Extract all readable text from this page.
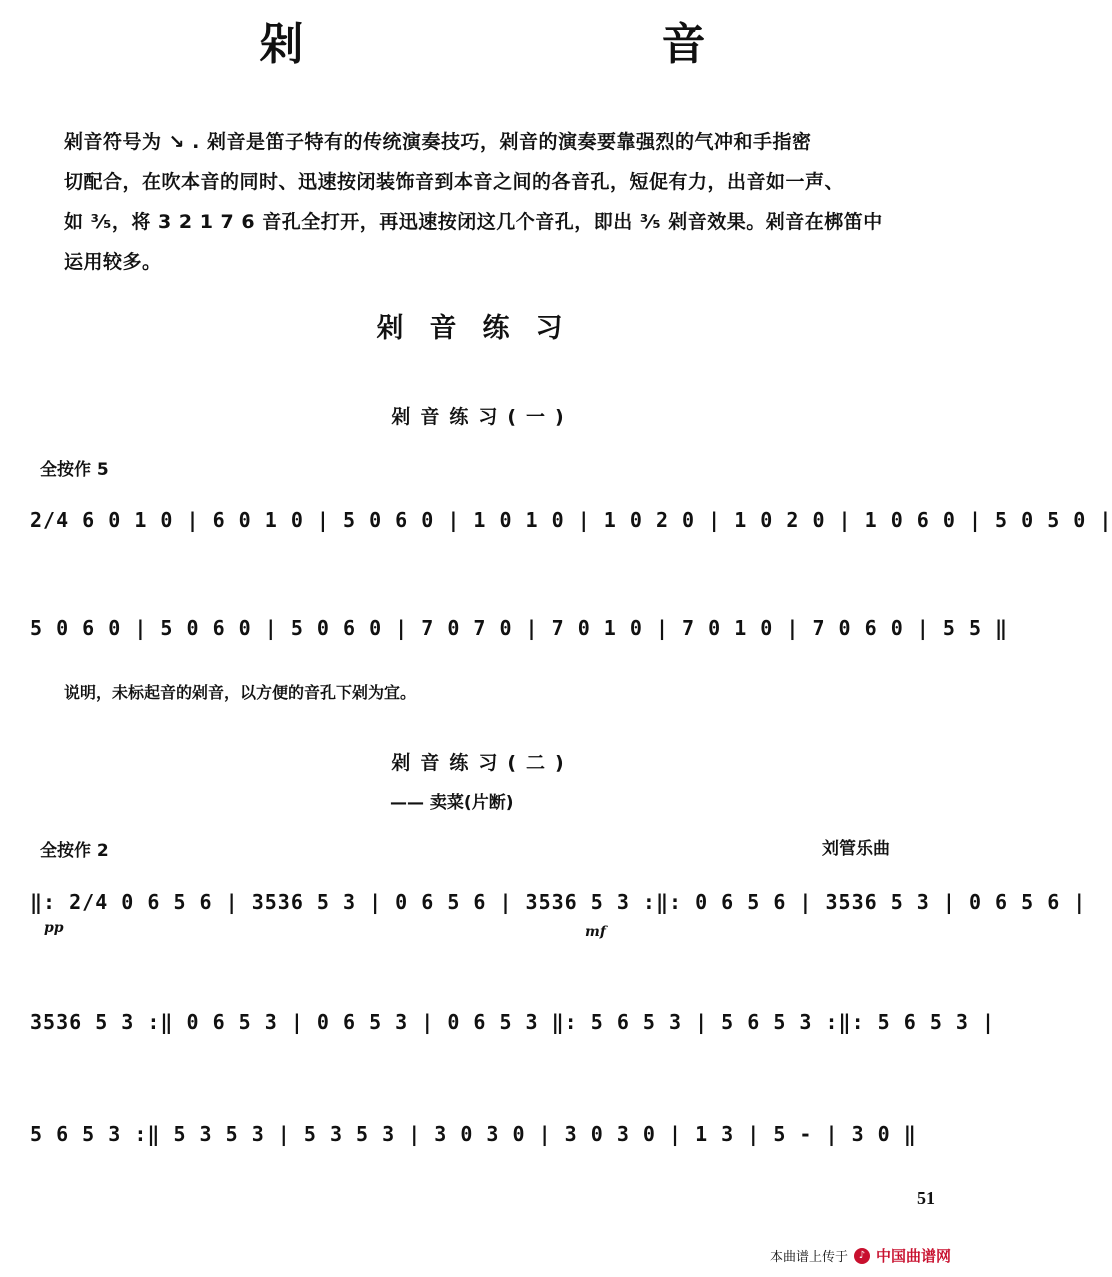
剁　　音

剁音符号为 ↘ . 剁音是笛子特有的传统演奏技巧，剁音的演奏要靠强烈的气冲和手指密

切配合，在吹本音的同时、迅速按闭装饰音到本音之间的各音孔，短促有力，出音如一声、

如 ³⁄₅，将 3 2 1 7 6 音孔全打开，再迅速按闭这几个音孔，即出 ³⁄₅ 剁音效果。剁音在梆笛中

运用较多。

剁音练习
剁音练习(一)
全按作 5
2/4 6 0 1 0 | 6 0 1 0 | 5 0 6 0 | 1 0 1 0 | 1 0 2 0 | 1 0 2 0 | 1 0 6 0 | 5 0 5 0 |
5 0 6 0 | 5 0 6 0 | 5 0 6 0 | 7 0 7 0 | 7 0 1 0 | 7 0 1 0 | 7 0 6 0 | 5 5 ‖
说明，未标起音的剁音，以方便的音孔下剁为宜。
剁音练习(二)
—— 卖菜(片断)
全按作 2	刘管乐曲
‖: 2/4 0 6 5 6 | 3536 5 3 | 0 6 5 6 | 3536 5 3 :‖: 0 6 5 6 | 3536 5 3 | 0 6 5 6 |
pp	mf
3536 5 3 :‖ 0 6 5 3 | 0 6 5 3 | 0 6 5 3 ‖: 5 6 5 3 | 5 6 5 3 :‖: 5 6 5 3 |
5 6 5 3 :‖ 5 3 5 3 | 5 3 5 3 | 3 0 3 0 | 3 0 3 0 | 1 3 | 5 - | 3 0 ‖
51
本曲谱上传于	♪ 中国曲谱网
